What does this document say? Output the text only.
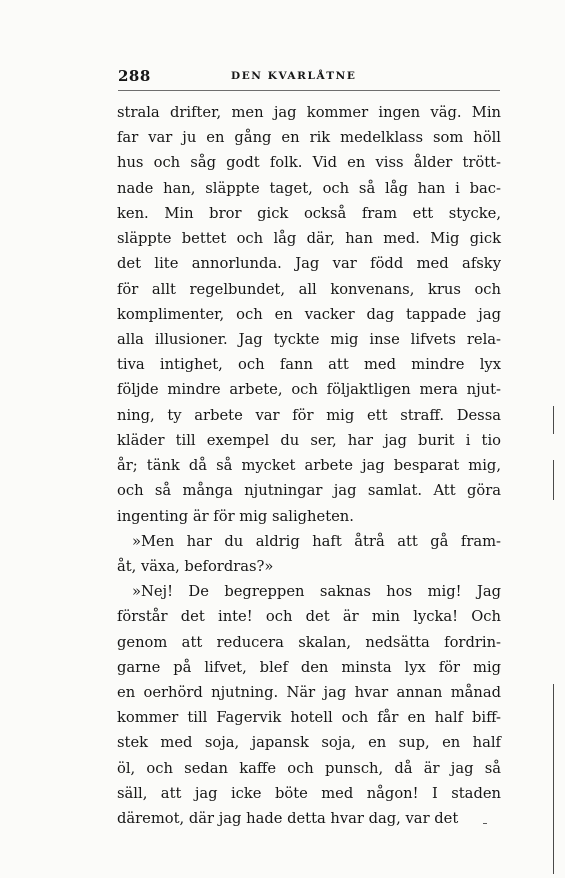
288	DEN KVARLÅTNE
strala drifter, men jag kommer ingen väg. Min
far var ju en gång en rik medelklass som höll
hus och såg godt folk. Vid en viss ålder trött-
nade han, släppte taget, och så låg han i bac-
ken. Min bror gick också fram ett stycke,
släppte bettet och låg där, han med. Mig gick
det lite annorlunda. Jag var född med afsky
för allt regelbundet, all konvenans, krus och
komplimenter, och en vacker dag tappade jag
alla illusioner. Jag tyckte mig inse lifvets rela-
tiva intighet, och fann att med mindre lyx
följde mindre arbete, och följaktligen mera njut-
ning, ty arbete var för mig ett straff. Dessa
kläder till exempel du ser, har jag burit i tio
år; tänk då så mycket arbete jag besparat mig,
och så många njutningar jag samlat. Att göra
ingenting är för mig saligheten.
»Men har du aldrig haft åtrå att gå fram-
åt, växa, befordras?»
»Nej! De begreppen saknas hos mig! Jag
förstår det inte! och det är min lycka! Och
genom att reducera skalan, nedsätta fordrin-
garne på lifvet, blef den minsta lyx för mig
en oerhörd njutning. När jag hvar annan månad
kommer till Fagervik hotell och får en half biff-
stek med soja, japansk soja, en sup, en half
öl, och sedan kaffe och punsch, då är jag så
säll, att jag icke böte med någon! I staden
däremot, där jag hade detta hvar dag, var det
